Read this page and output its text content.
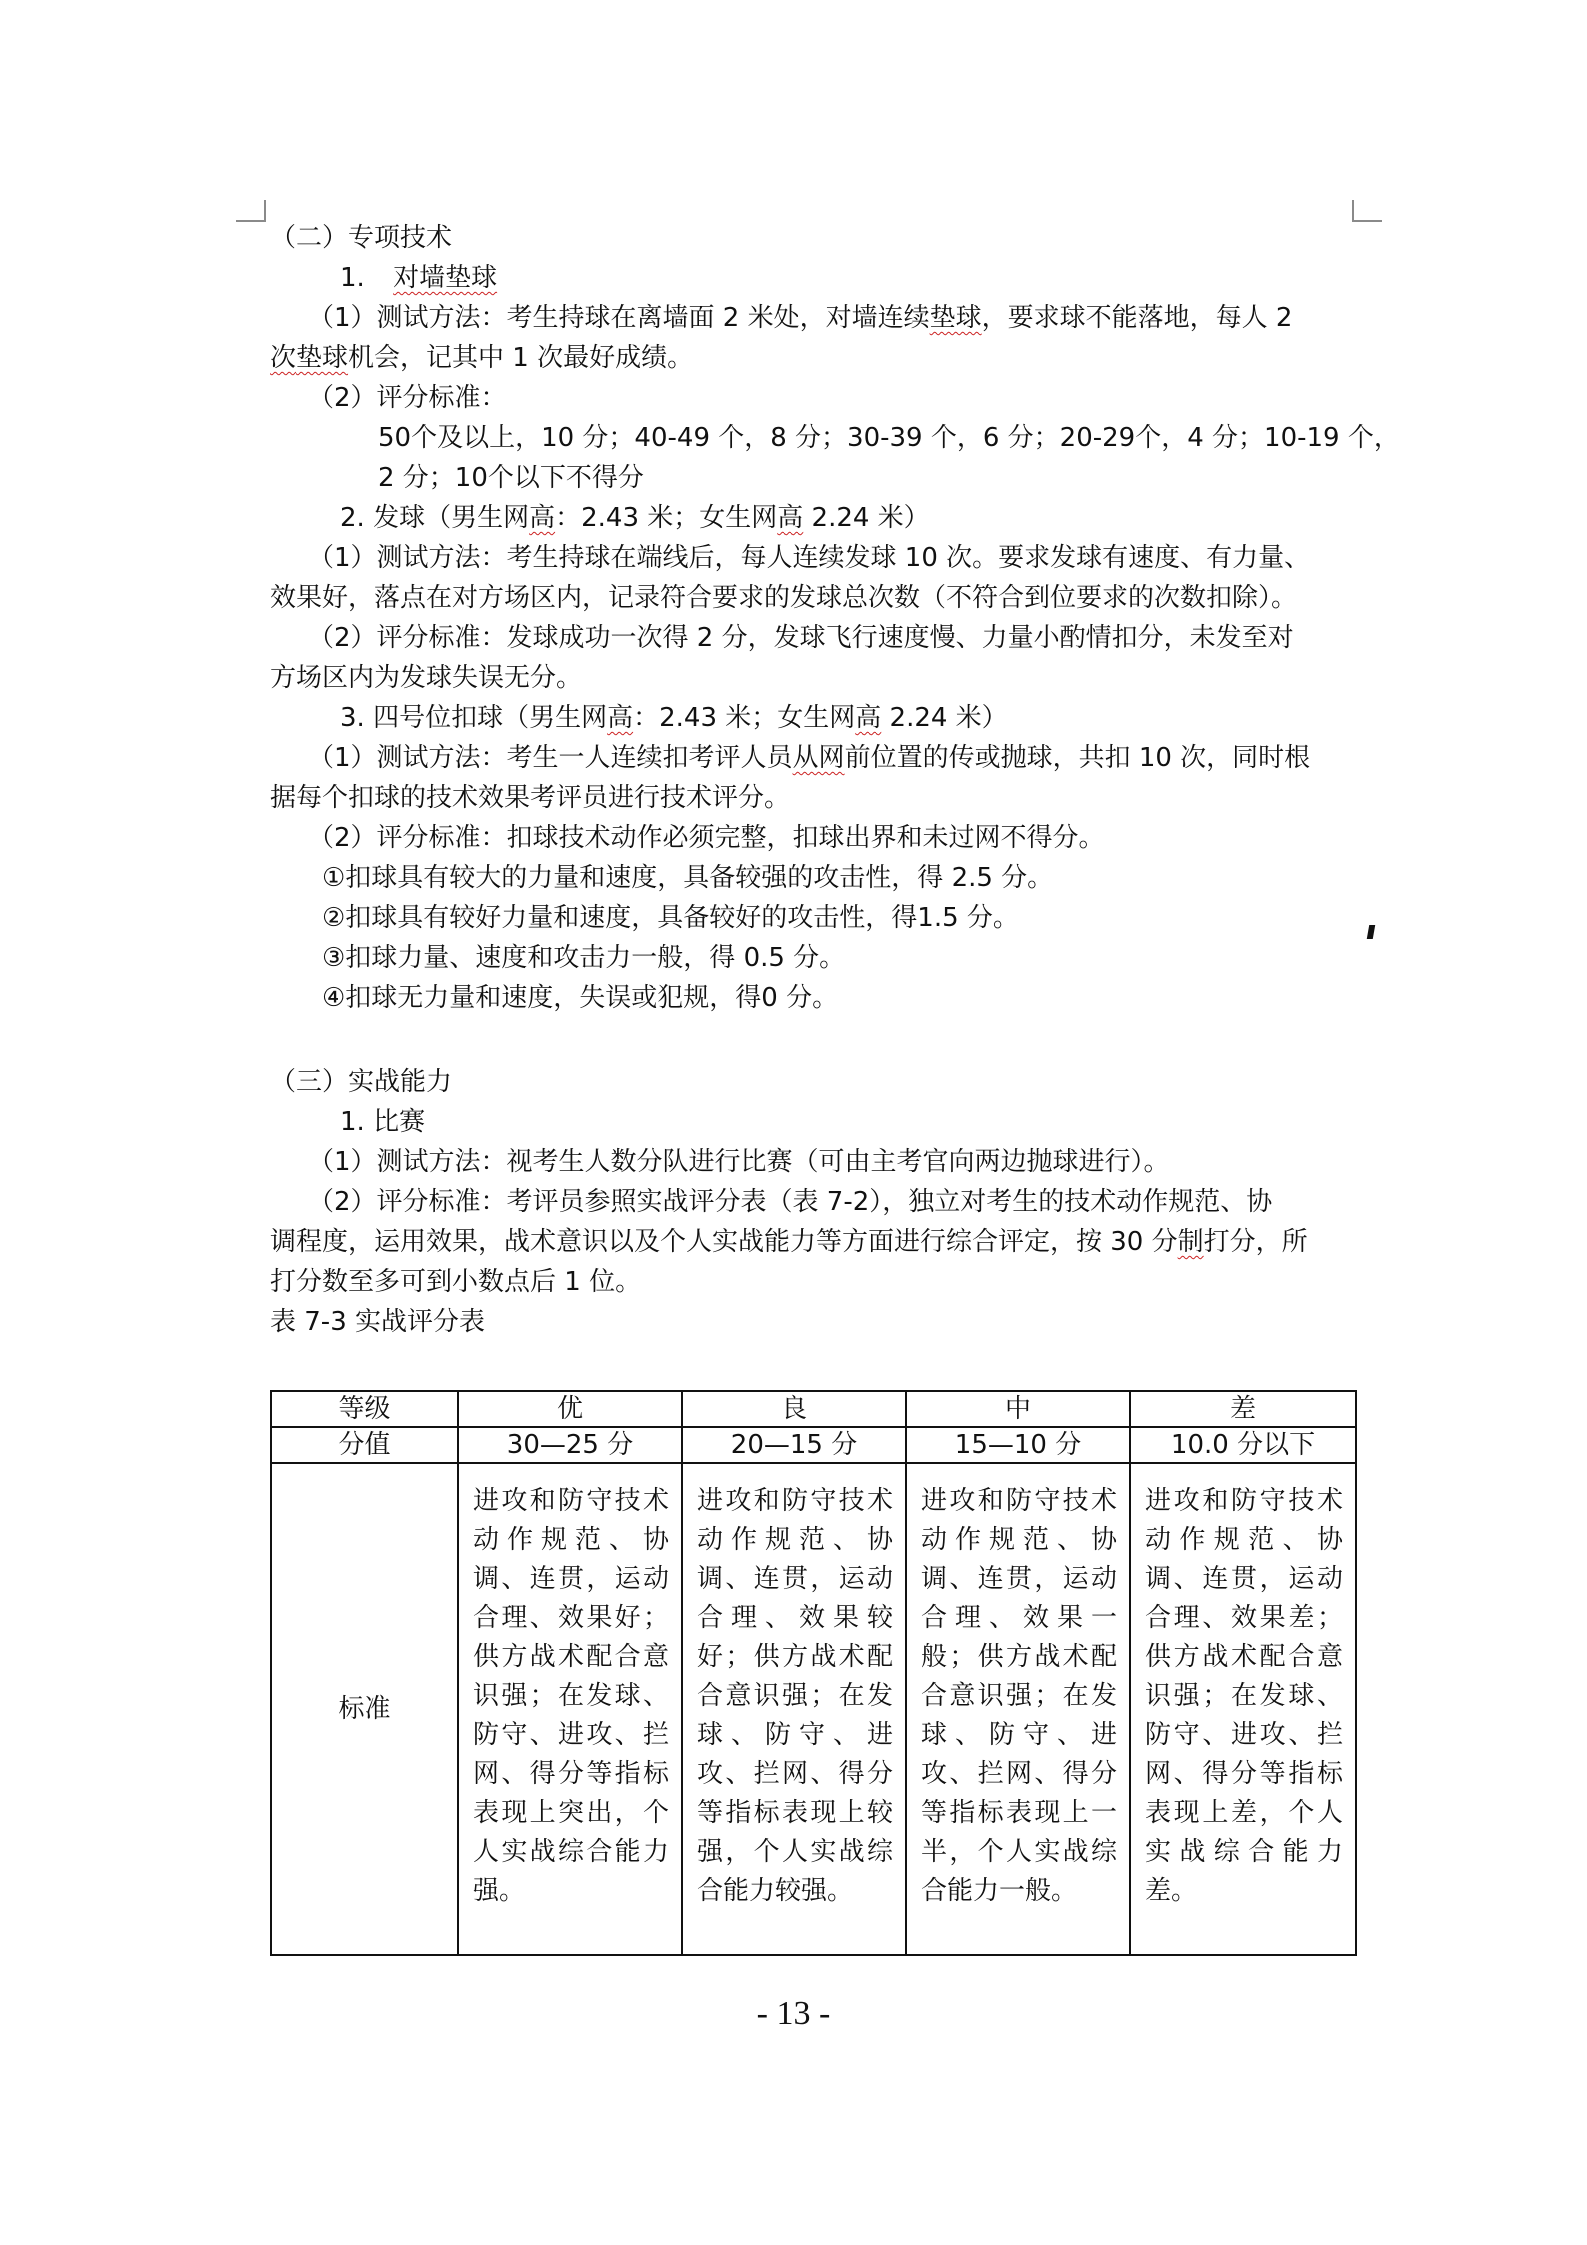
（二）专项技术
1. 对墙垫球
（1）测试方法：考生持球在离墙面 2 米处，对墙连续垫球，要求球不能落地，每人 2
次垫球机会，记其中 1 次最好成绩。
（2）评分标准：
50个及以上，10 分；40-49 个，8 分；30-39 个，6 分；20-29个，4 分；10-19 个，
2 分；10个以下不得分
2. 发球（男生网高：2.43 米；女生网高 2.24 米）
（1）测试方法：考生持球在端线后，每人连续发球 10 次。要求发球有速度、有力量、
效果好，落点在对方场区内，记录符合要求的发球总次数（不符合到位要求的次数扣除）。
（2）评分标准：发球成功一次得 2 分，发球飞行速度慢、力量小酌情扣分，未发至对
方场区内为发球失误无分。
3. 四号位扣球（男生网高：2.43 米；女生网高 2.24 米）
（1）测试方法：考生一人连续扣考评人员从网前位置的传或抛球，共扣 10 次，同时根
据每个扣球的技术效果考评员进行技术评分。
（2）评分标准：扣球技术动作必须完整，扣球出界和未过网不得分。
①扣球具有较大的力量和速度，具备较强的攻击性，得 2.5 分。
②扣球具有较好力量和速度，具备较好的攻击性，得1.5 分。
③扣球力量、速度和攻击力一般，得 0.5 分。
④扣球无力量和速度，失误或犯规，得0 分。
（三）实战能力
1. 比赛
（1）测试方法：视考生人数分队进行比赛（可由主考官向两边抛球进行）。
（2）评分标准：考评员参照实战评分表（表 7-2），独立对考生的技术动作规范、协
调程度，运用效果，战术意识以及个人实战能力等方面进行综合评定，按 30 分制打分，所
打分数至多可到小数点后 1 位。
表 7-3 实战评分表
等级	优	良	中	差
分值	30—25 分	20—15 分	15—10 分	10.0 分以下
标准	进攻和防守技术动作规范、协调、连贯，运动合理、效果好；供方战术配合意识强；在发球、防守、进攻、拦网、得分等指标表现上突出，个人实战综合能力强。	进攻和防守技术动作规范、协调、连贯，运动合理、效果较好；供方战术配合意识强；在发球、防守、进攻、拦网、得分等指标表现上较强，个人实战综合能力较强。	进攻和防守技术动作规范、协调、连贯，运动合理、效果一般；供方战术配合意识强；在发球、防守、进攻、拦网、得分等指标表现上一半，个人实战综合能力一般。	进攻和防守技术动作规范、协调、连贯，运动合理、效果差；供方战术配合意识强；在发球、防守、进攻、拦网、得分等指标表现上差，个人实战综合能力差。
- 13 -
